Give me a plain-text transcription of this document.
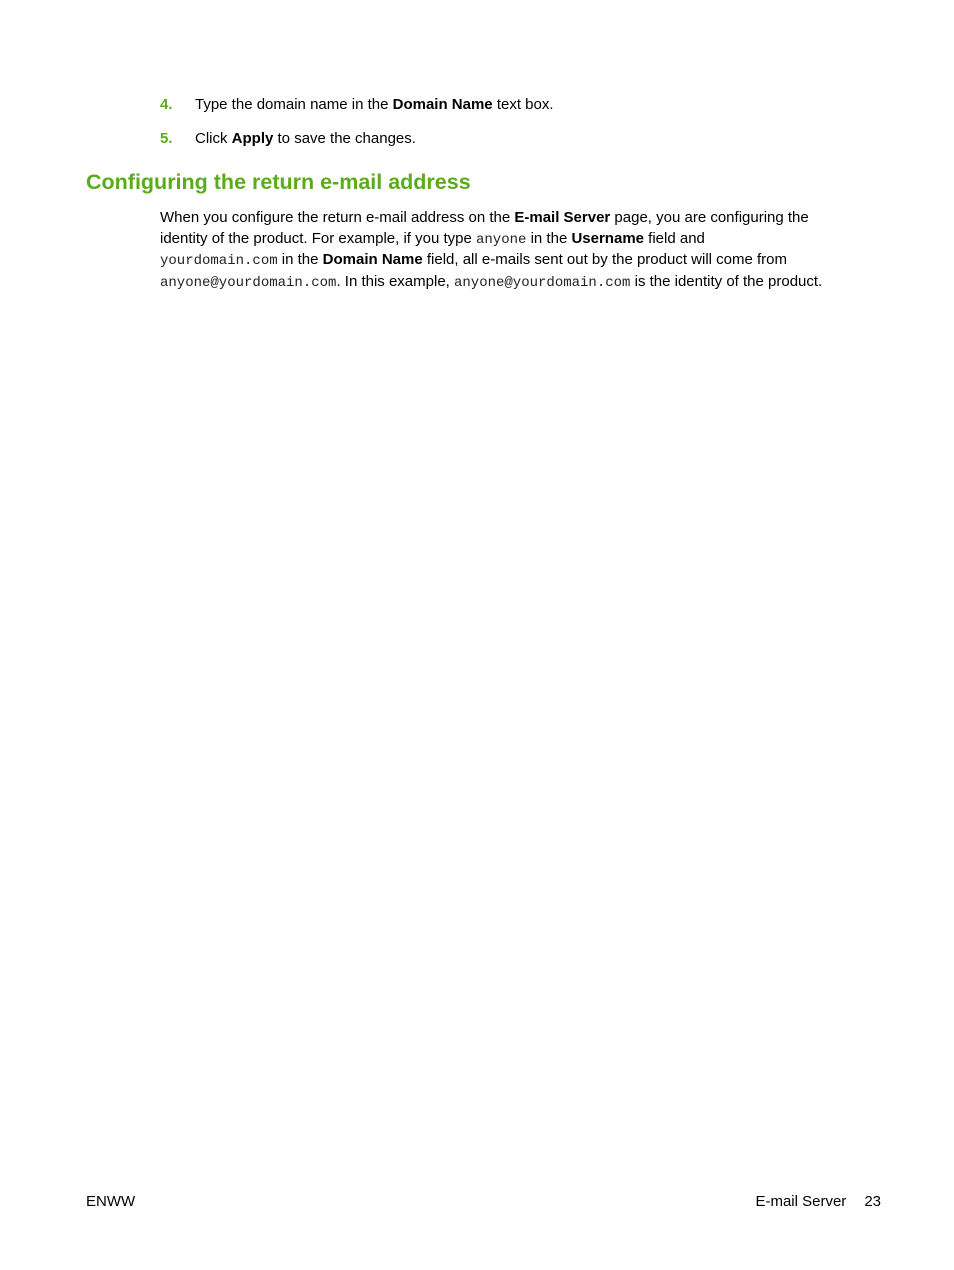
4. Type the domain name in the Domain Name text box.
5. Click Apply to save the changes.
Configuring the return e-mail address

When you configure the return e-mail address on the E-mail Server page, you are configuring the
identity of the product. For example, if you type anyone in the Username field and
yourdomain.com in the Domain Name field, all e-mails sent out by the product will come from
anyone@yourdomain.com. In this example, anyone@yourdomain.com is the identity of the product.

ENWW	E-mail Server 23
